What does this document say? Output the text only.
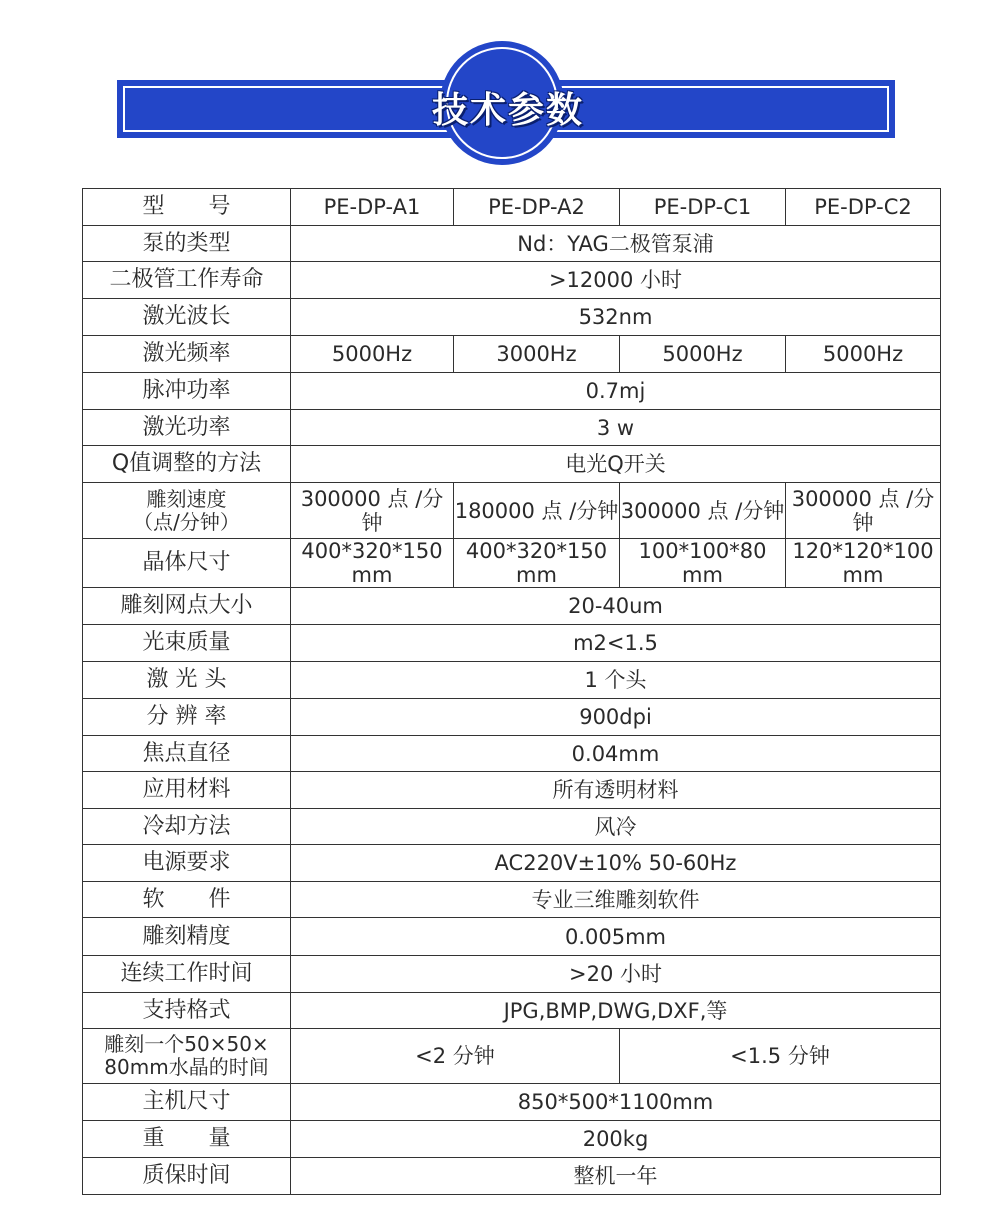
技术参数
型　　号	PE-DP-A1	PE-DP-A2	PE-DP-C1	PE-DP-C2
泵的类型	Nd：YAG二极管泵浦			
二极管工作寿命	>12000 小时			
激光波长	532nm			
激光频率	5000Hz	3000Hz	5000Hz	5000Hz
脉冲功率	0.7mj			
激光功率	3 w			
Q值调整的方法	电光Q开关			

雕刻速度
（点/分钟）	300000 点 /分钟	180000 点 /分钟	300000 点 /分钟	300000 点 /分钟
晶体尺寸	400*320*150 mm	400*320*150 mm	100*100*80 mm	120*120*100 mm
雕刻网点大小	20-40um			
光束质量	m2<1.5			
激 光 头	1 个头			
分 辨 率	900dpi			
焦点直径	0.04mm			
应用材料	所有透明材料			
冷却方法	风冷			
电源要求	AC220V±10% 50-60Hz			
软　　件	专业三维雕刻软件			
雕刻精度	0.005mm			
连续工作时间	>20 小时			
支持格式	JPG,BMP,DWG,DXF,等			

雕刻一个50×50×
80mm水晶的时间	<2 分钟		<1.5 分钟	
主机尺寸	850*500*1100mm			
重　　量	200kg			
质保时间	整机一年			
